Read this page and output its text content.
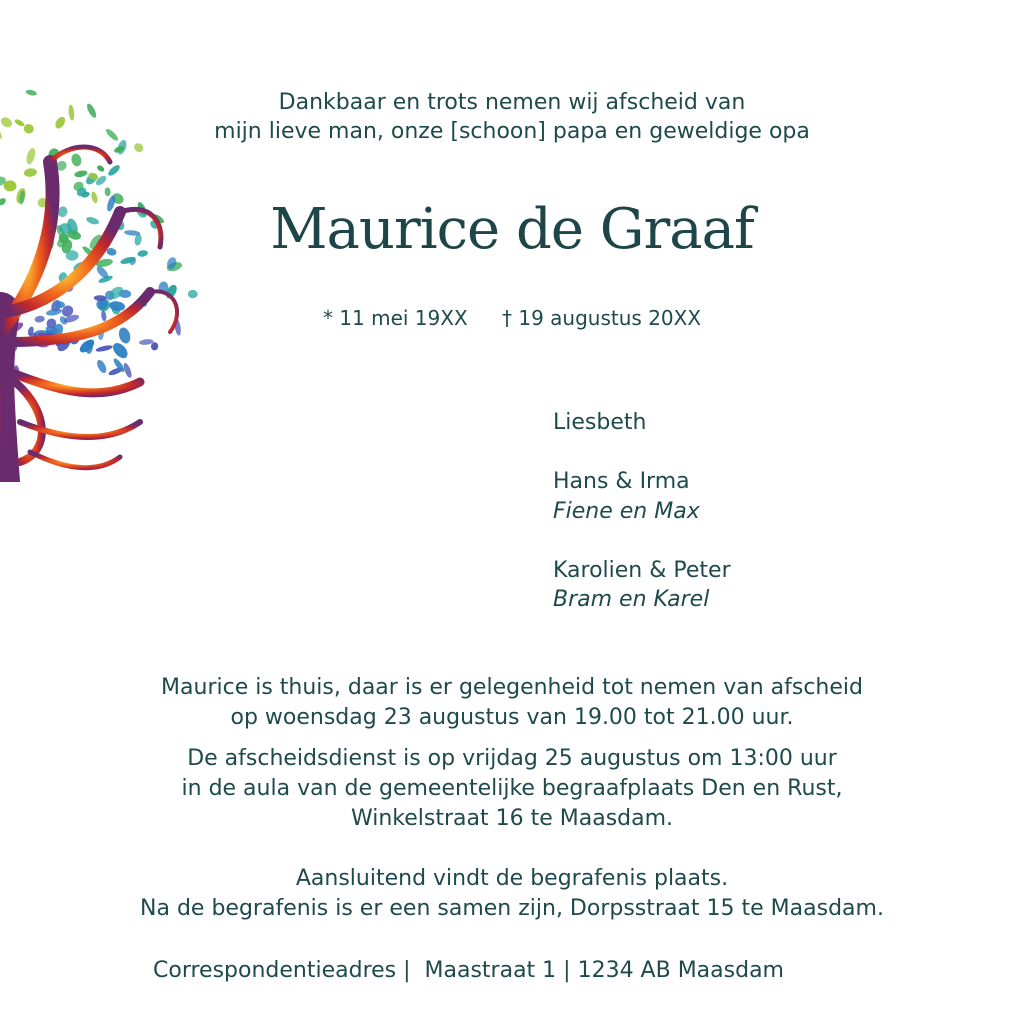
Dankbaar en trots nemen wij afscheid van
mijn lieve man, onze [schoon] papa en geweldige opa
Maurice de Graaf
* 11 mei 19XX † 19 augustus 20XX
Liesbeth
Hans & Irma
Fiene en Max
Karolien & Peter
Bram en Karel
Maurice is thuis, daar is er gelegenheid tot nemen van afscheid
op woensdag 23 augustus van 19.00 tot 21.00 uur.
De afscheidsdienst is op vrijdag 25 augustus om 13:00 uur
in de aula van de gemeentelijke begraafplaats Den en Rust,
Winkelstraat 16 te Maasdam.
Aansluitend vindt de begrafenis plaats.
Na de begrafenis is er een samen zijn, Dorpsstraat 15 te Maasdam.
Correspondentieadres |  Maastraat 1 | 1234 AB Maasdam
